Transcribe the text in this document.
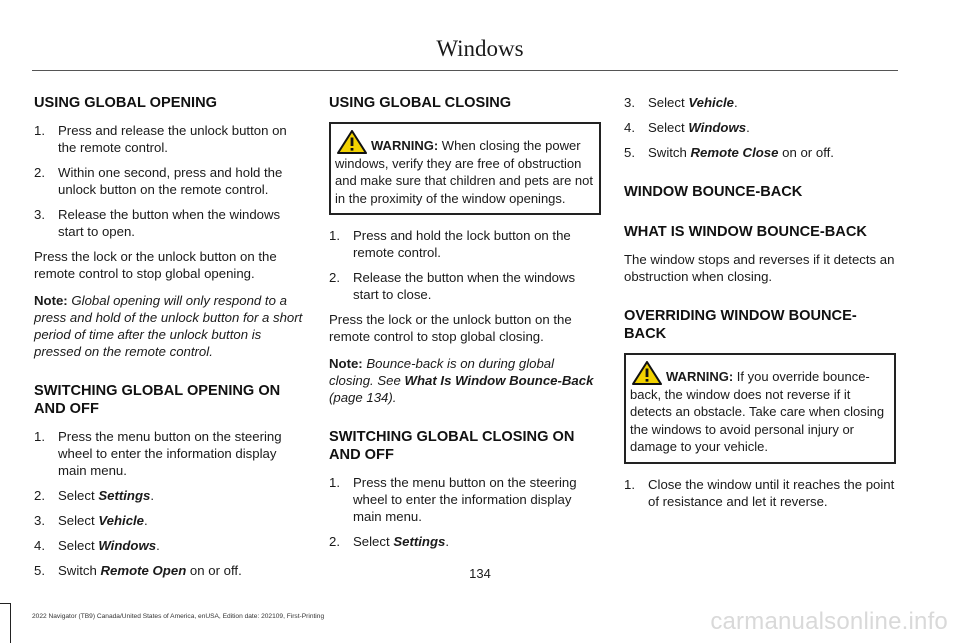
Windows
USING GLOBAL OPENING
1. Press and release the unlock button on the remote control.
2. Within one second, press and hold the unlock button on the remote control.
3. Release the button when the windows start to open.

Press the lock or the unlock button on the remote control to stop global opening.

Note: Global opening will only respond to a press and hold of the unlock button for a short period of time after the unlock button is pressed on the remote control.

SWITCHING GLOBAL OPENING ON AND OFF
1. Press the menu button on the steering wheel to enter the information display main menu.
2. Select Settings.
3. Select Vehicle.
4. Select Windows.
5. Switch Remote Open on or off.
USING GLOBAL CLOSING
WARNING: When closing the power windows, verify they are free of obstruction and make sure that children and pets are not in the proximity of the window openings.
1. Press and hold the lock button on the remote control.
2. Release the button when the windows start to close.

Press the lock or the unlock button on the remote control to stop global closing.

Note: Bounce-back is on during global closing. See What Is Window Bounce-Back (page 134).

SWITCHING GLOBAL CLOSING ON AND OFF
1. Press the menu button on the steering wheel to enter the information display main menu.
2. Select Settings.
3. Select Vehicle.
4. Select Windows.
5. Switch Remote Close on or off.
WINDOW BOUNCE-BACK
WHAT IS WINDOW BOUNCE-BACK

The window stops and reverses if it detects an obstruction when closing.

OVERRIDING WINDOW BOUNCE-BACK
WARNING: If you override bounce-back, the window does not reverse if it detects an obstacle. Take care when closing the windows to avoid personal injury or damage to your vehicle.
1. Close the window until it reaches the point of resistance and let it reverse.
134
2022 Navigator (TB9) Canada/United States of America, enUSA, Edition date: 202109, First-Printing	carmanualsonline.info
